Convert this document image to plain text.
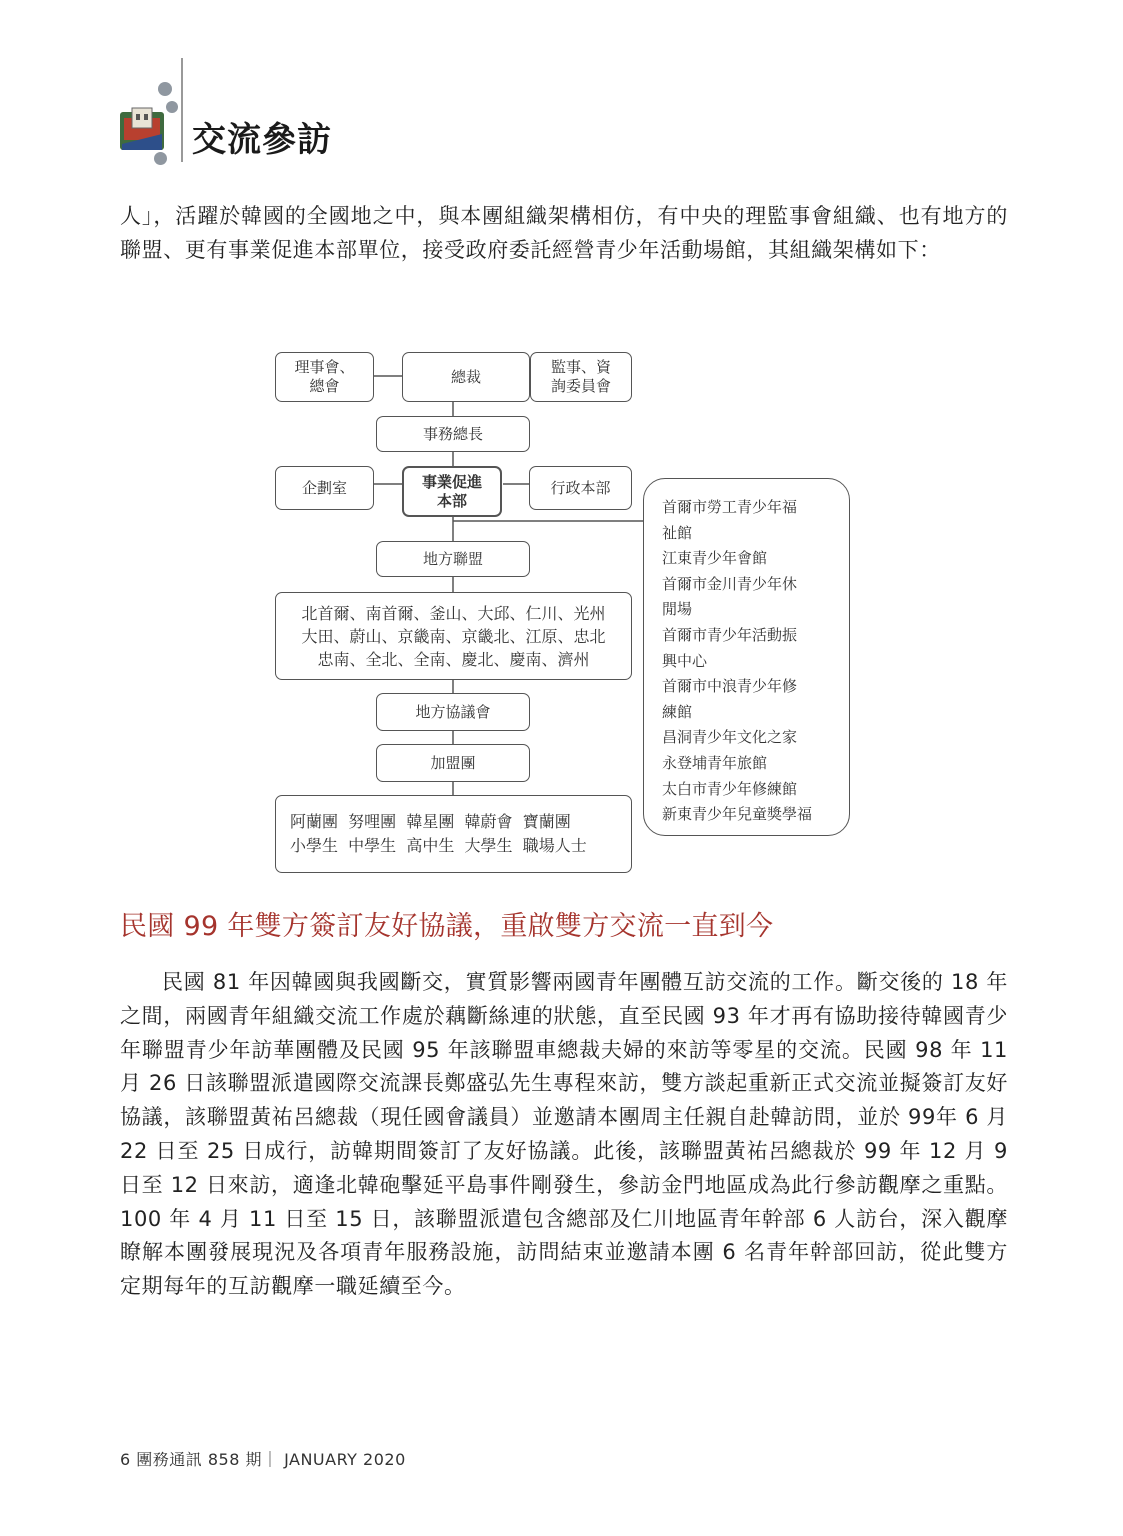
交流參訪

人」，活躍於韓國的全國地之中，與本團組織架構相仿，有中央的理監事會組織、也有地方的聯盟、更有事業促進本部單位，接受政府委託經營青少年活動場館，其組織架構如下：

理事會、總會
總裁
監事、資詢委員會
事務總長
企劃室	事業促進本部
行政本部
地方聯盟
北首爾、南首爾、釜山、大邱、仁川、光州
大田、蔚山、京畿南、京畿北、江原、忠北
忠南、全北、全南、慶北、慶南、濟州
地方協議會
加盟團
阿蘭團  努哩團  韓星團  韓蔚會  寶蘭團
小學生  中學生  高中生  大學生  職場人士
首爾市勞工青少年福
祉館
江東青少年會館
首爾市金川青少年休
閒場
首爾市青少年活動振
興中心
首爾市中浪青少年修
練館
昌洞青少年文化之家
永登埔青年旅館
太白市青少年修練館
新東青少年兒童獎學福
民國 99 年雙方簽訂友好協議，重啟雙方交流一直到今

民國 81 年因韓國與我國斷交，實質影響兩國青年團體互訪交流的工作。斷交後的 18 年之間，兩國青年組織交流工作處於藕斷絲連的狀態，直至民國 93 年才再有協助接待韓國青少年聯盟青少年訪華團體及民國 95 年該聯盟車總裁夫婦的來訪等零星的交流。民國 98 年 11 月 26 日該聯盟派遣國際交流課長鄭盛弘先生專程來訪，雙方談起重新正式交流並擬簽訂友好協議，該聯盟黃祐呂總裁（現任國會議員）並邀請本團周主任親自赴韓訪問，並於 99年 6 月 22 日至 25 日成行，訪韓期間簽訂了友好協議。此後，該聯盟黃祐呂總裁於 99 年 12 月 9 日至 12 日來訪，適逢北韓砲擊延平島事件剛發生，參訪金門地區成為此行參訪觀摩之重點。100 年 4 月 11 日至 15 日，該聯盟派遣包含總部及仁川地區青年幹部 6 人訪台，深入觀摩瞭解本團發展現況及各項青年服務設施，訪問結束並邀請本團 6 名青年幹部回訪，從此雙方定期每年的互訪觀摩一職延續至今。

6 團務通訊 858 期｜ JANUARY 2020
